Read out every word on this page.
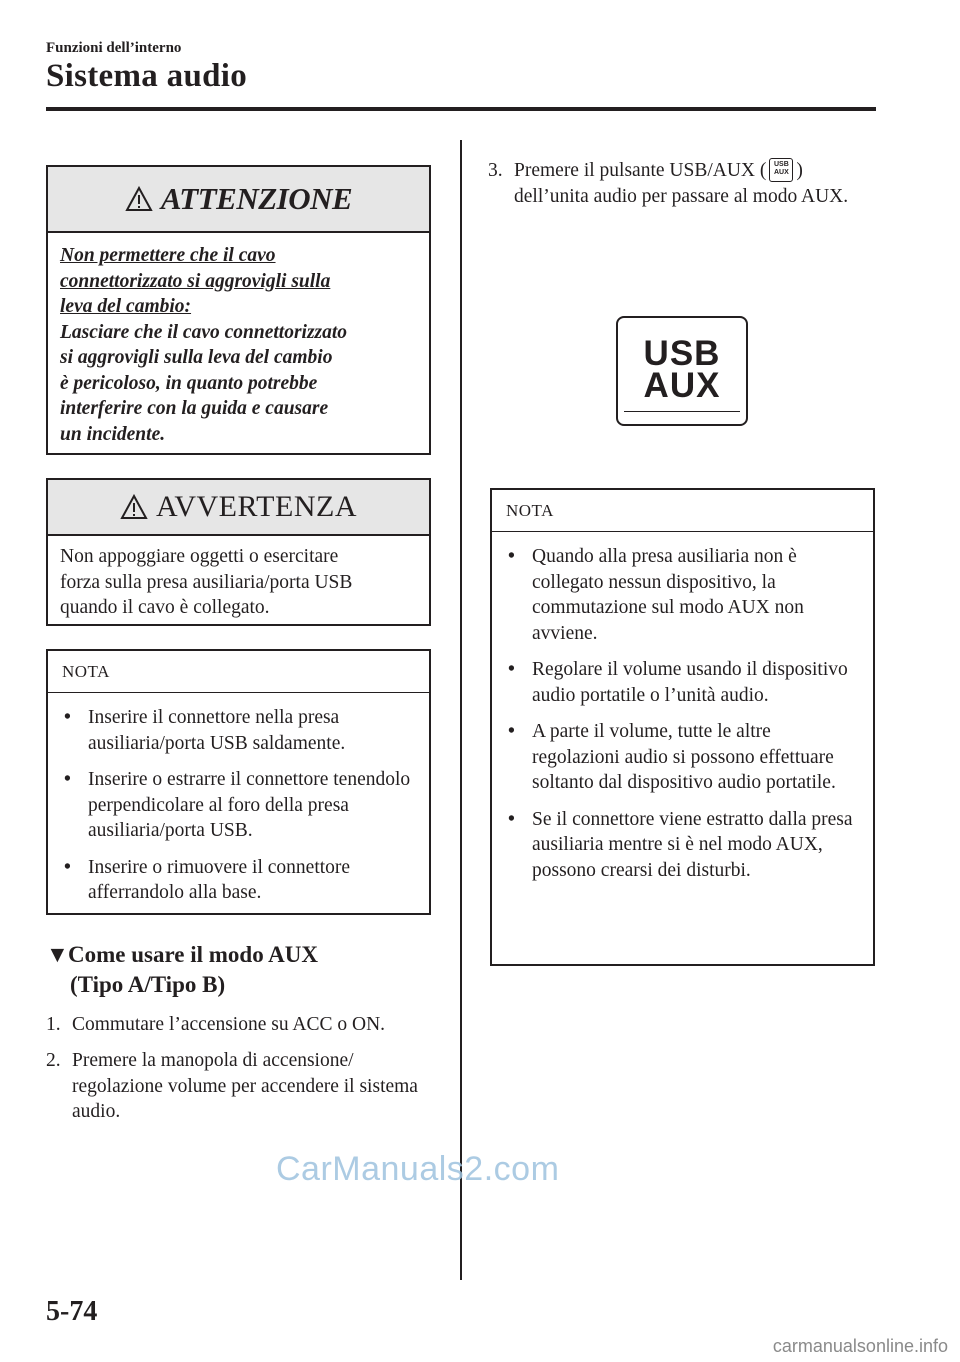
Funzioni dell’interno
Sistema audio
ATTENZIONE
Non permettere che il cavo
connettorizzato si aggrovigli sulla
leva del cambio:
Lasciare che il cavo connettorizzato
si aggrovigli sulla leva del cambio
è pericoloso, in quanto potrebbe
interferire con la guida e causare
un incidente.
AVVERTENZA
Non appoggiare oggetti o esercitare
forza sulla presa ausiliaria/porta USB
quando il cavo è collegato.
NOTA
• Inserire il connettore nella presa ausiliaria/porta USB saldamente.
• Inserire o estrarre il connettore tenendolo perpendicolare al foro della presa ausiliaria/porta USB.
• Inserire o rimuovere il connettore afferrandolo alla base.
▼Come usare il modo AUX
(Tipo A/Tipo B)
1. Commutare l’accensione su ACC o ON.
2. Premere la manopola di accensione/ regolazione volume per accendere il sistema audio.
3. Premere il pulsante USB/AUX (	USB
AUX ) dell’unita audio per passare al modo AUX.
USB
AUX
NOTA
• Quando alla presa ausiliaria non è collegato nessun dispositivo, la commutazione sul modo AUX non avviene.
• Regolare il volume usando il dispositivo audio portatile o l’unità audio.
• A parte il volume, tutte le altre regolazioni audio si possono effettuare soltanto dal dispositivo audio portatile.
• Se il connettore viene estratto dalla presa ausiliaria mentre si è nel modo AUX, possono crearsi dei disturbi.
CarManuals2.com
5-74
carmanualsonline.info
